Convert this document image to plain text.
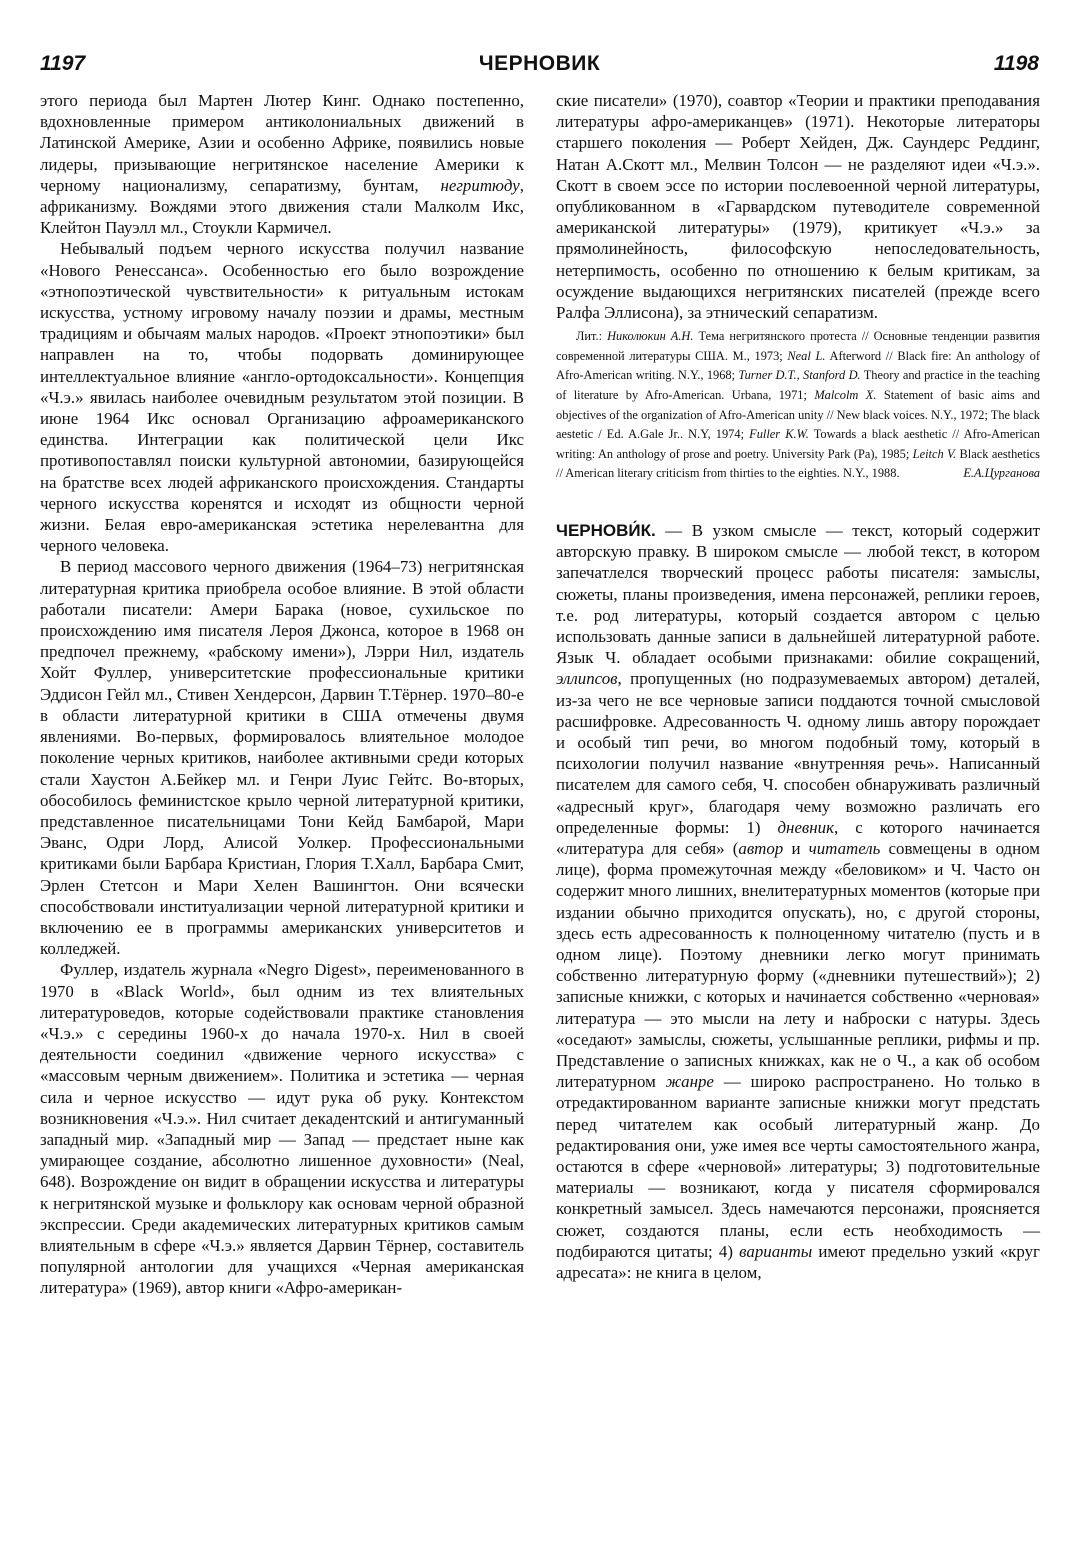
1197	ЧЕРНОВИК	1198

этого периода был Мартен Лютер Кинг. Однако постепенно, вдохновленные примером антиколониальных движений в Латинской Америке, Азии и особенно Африке, появились новые лидеры, призывающие негритянское население Америки к черному национализму, сепаратизму, бунтам, негритюду, африканизму. Вождями этого движения стали Малколм Икс, Клейтон Пауэлл мл., Стоукли Кармичел.

Небывалый подъем черного искусства получил название «Нового Ренессанса». Особенностью его было возрождение «этнопоэтической чувствительности» к ритуальным истокам искусства, устному игровому началу поэзии и драмы, местным традициям и обычаям малых народов. «Проект этнопоэтики» был направлен на то, чтобы подорвать доминирующее интеллектуальное влияние «англо-ортодоксальности». Концепция «Ч.э.» явилась наиболее очевидным результатом этой позиции. В июне 1964 Икс основал Организацию афроамериканского единства. Интеграции как политической цели Икс противопоставлял поиски культурной автономии, базирующейся на братстве всех людей африканского происхождения. Стандарты черного искусства коренятся и исходят из общности черной жизни. Белая евро-американская эстетика нерелевантна для черного человека.

В период массового черного движения (1964–73) негритянская литературная критика приобрела особое влияние. В этой области работали писатели: Амери Барака (новое, сухильское по происхождению имя писателя Лероя Джонса, которое в 1968 он предпочел прежнему, «рабскому имени»), Лэрри Нил, издатель Хойт Фуллер, университетские профессиональные критики Эддисон Гейл мл., Стивен Хендерсон, Дарвин Т.Тёрнер. 1970–80-е в области литературной критики в США отмечены двумя явлениями. Во-первых, формировалось влиятельное молодое поколение черных критиков, наиболее активными среди которых стали Хаустон А.Бейкер мл. и Генри Луис Гейтс. Во-вторых, обособилось феминистское крыло черной литературной критики, представленное писательницами Тони Кейд Бамбарой, Мари Эванс, Одри Лорд, Алисой Уолкер. Профессиональными критиками были Барбара Кристиан, Глория Т.Халл, Барбара Смит, Эрлен Стетсон и Мари Хелен Вашингтон. Они всячески способствовали институализации черной литературной критики и включению ее в программы американских университетов и колледжей.

Фуллер, издатель журнала «Negro Digest», переименованного в 1970 в «Black World», был одним из тех влиятельных литературоведов, которые содействовали практике становления «Ч.э.» с середины 1960-х до начала 1970-х. Нил в своей деятельности соединил «движение черного искусства» с «массовым черным движением». Политика и эстетика — черная сила и черное искусство — идут рука об руку. Контекстом возникновения «Ч.э.». Нил считает декадентский и антигуманный западный мир. «Западный мир — Запад — предстает ныне как умирающее создание, абсолютно лишенное духовности» (Neal, 648). Возрождение он видит в обращении искусства и литературы к негритянской музыке и фольклору как основам черной образной экспрессии. Среди академических литературных критиков самым влиятельным в сфере «Ч.э.» является Дарвин Тёрнер, составитель популярной антологии для учащихся «Черная американская литература» (1969), автор книги «Афро-американ-

ские писатели» (1970), соавтор «Теории и практики преподавания литературы афро-американцев» (1971). Некоторые литераторы старшего поколения — Роберт Хейден, Дж. Саундерс Реддинг, Натан А.Скотт мл., Мелвин Толсон — не разделяют идеи «Ч.э.». Скотт в своем эссе по истории послевоенной черной литературы, опубликованном в «Гарвардском путеводителе современной американской литературы» (1979), критикует «Ч.э.» за прямолинейность, философскую непоследовательность, нетерпимость, особенно по отношению к белым критикам, за осуждение выдающихся негритянских писателей (прежде всего Ралфа Эллисона), за этнический сепаратизм.

Лит.: Николюкин А.Н. Тема негритянского протеста // Основные тенденции развития современной литературы США. М., 1973; Neal L. Afterword // Black fire: An anthology of Afro-American writing. N.Y., 1968; Turner D.T., Stanford D. Theory and practice in the teaching of literature by Afro-American. Urbana, 1971; Malcolm X. Statement of basic aims and objectives of the organization of Afro-American unity // New black voices. N.Y., 1972; The black aestetic / Ed. A.Gale Jr.. N.Y, 1974; Fuller K.W. Towards a black aesthetic // Afro-American writing: An anthology of prose and poetry. University Park (Pa), 1985; Leitch V. Black aesthetics // American literary criticism from thirties to the eighties. N.Y., 1988.	Е.А.Цурганова

ЧЕРНОВИ́К. — В узком смысле — текст, который содержит авторскую правку. В широком смысле — любой текст, в котором запечатлелся творческий процесс работы писателя: замыслы, сюжеты, планы произведения, имена персонажей, реплики героев, т.е. род литературы, который создается автором с целью использовать данные записи в дальнейшей литературной работе. Язык Ч. обладает особыми признаками: обилие сокращений, эллипсов, пропущенных (но подразумеваемых автором) деталей, из-за чего не все черновые записи поддаются точной смысловой расшифровке. Адресованность Ч. одному лишь автору порождает и особый тип речи, во многом подобный тому, который в психологии получил название «внутренняя речь». Написанный писателем для самого себя, Ч. способен обнаруживать различный «адресный круг», благодаря чему возможно различать его определенные формы: 1) дневник, с которого начинается «литература для себя» (автор и читатель совмещены в одном лице), форма промежуточная между «беловиком» и Ч. Часто он содержит много лишних, внелитературных моментов (которые при издании обычно приходится опускать), но, с другой стороны, здесь есть адресованность к полноценному читателю (пусть и в одном лице). Поэтому дневники легко могут принимать собственно литературную форму («дневники путешествий»); 2) записные книжки, с которых и начинается собственно «черновая» литература — это мысли на лету и наброски с натуры. Здесь «оседают» замыслы, сюжеты, услышанные реплики, рифмы и пр. Представление о записных книжках, как не о Ч., а как об особом литературном жанре — широко распространено. Но только в отредактированном варианте записные книжки могут предстать перед читателем как особый литературный жанр. До редактирования они, уже имея все черты самостоятельного жанра, остаются в сфере «черновой» литературы; 3) подготовительные материалы — возникают, когда у писателя сформировался конкретный замысел. Здесь намечаются персонажи, проясняется сюжет, создаются планы, если есть необходимость — подбираются цитаты; 4) варианты имеют предельно узкий «круг адресата»: не книга в целом,
